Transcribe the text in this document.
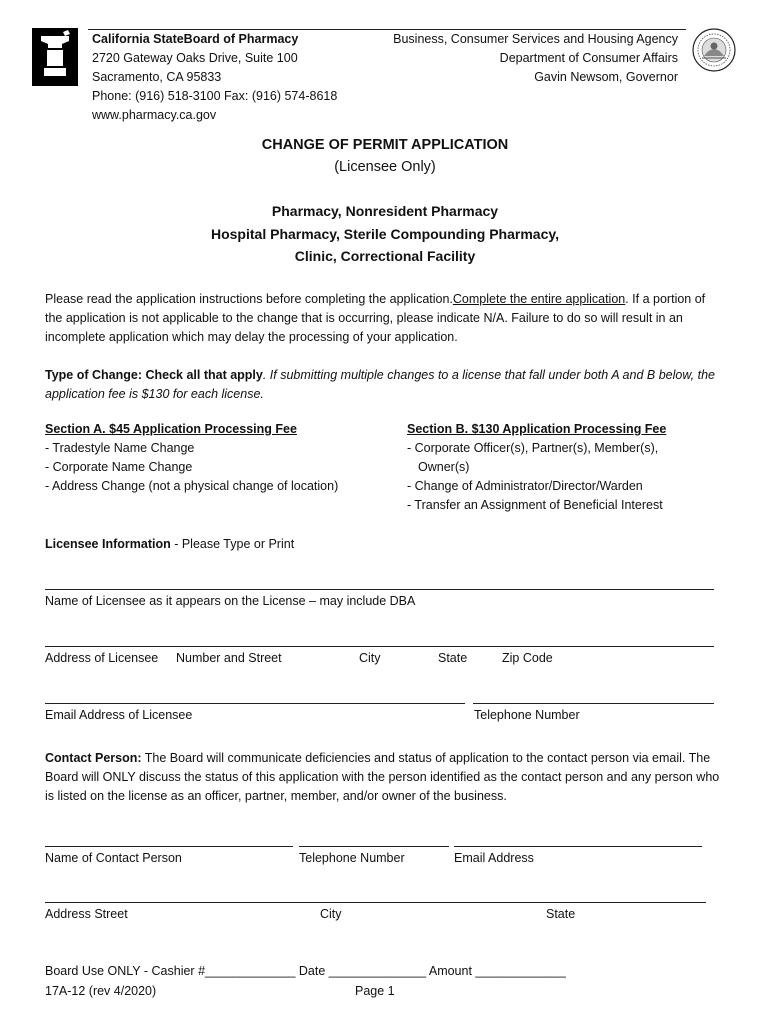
California StateBoard of Pharmacy
2720 Gateway Oaks Drive, Suite 100
Sacramento, CA 95833
Phone: (916) 518-3100 Fax: (916) 574-8618
www.pharmacy.ca.gov
Business, Consumer Services and Housing Agency
Department of Consumer Affairs
Gavin Newsom, Governor
CHANGE OF PERMIT APPLICATION
(Licensee Only)
Pharmacy, Nonresident Pharmacy
Hospital Pharmacy, Sterile Compounding Pharmacy,
Clinic, Correctional Facility
Please read the application instructions before completing the application.Complete the entire application. If a portion of the application is not applicable to the change that is occurring, please indicate N/A. Failure to do so will result in an incomplete application which may delay the processing of your application.
Type of Change: Check all that apply. If submitting multiple changes to a license that fall under both A and B below, the application fee is $130 for each license.
Section A. $45 Application Processing Fee
- Tradestyle Name Change
- Corporate Name Change
- Address Change (not a physical change of location)
Section B. $130 Application Processing Fee
- Corporate Officer(s), Partner(s), Member(s),
Owner(s)
- Change of Administrator/Director/Warden
- Transfer an Assignment of Beneficial Interest
Licensee Information - Please Type or Print
Name of Licensee as it appears on the License – may include DBA
Address of Licensee Number and Street	City	State	Zip Code
Email Address of Licensee	Telephone Number
Contact Person: The Board will communicate deficiencies and status of application to the contact person via email. The Board will ONLY discuss the status of this application with the person identified as the contact person and any person who is listed on the license as an officer, partner, member, and/or owner of the business.
Name of Contact Person	Telephone Number	Email Address
Address Street	City	State
Board Use ONLY - Cashier #_____________ Date ______________ Amount _____________
17A-12 (rev 4/2020)	Page 1
